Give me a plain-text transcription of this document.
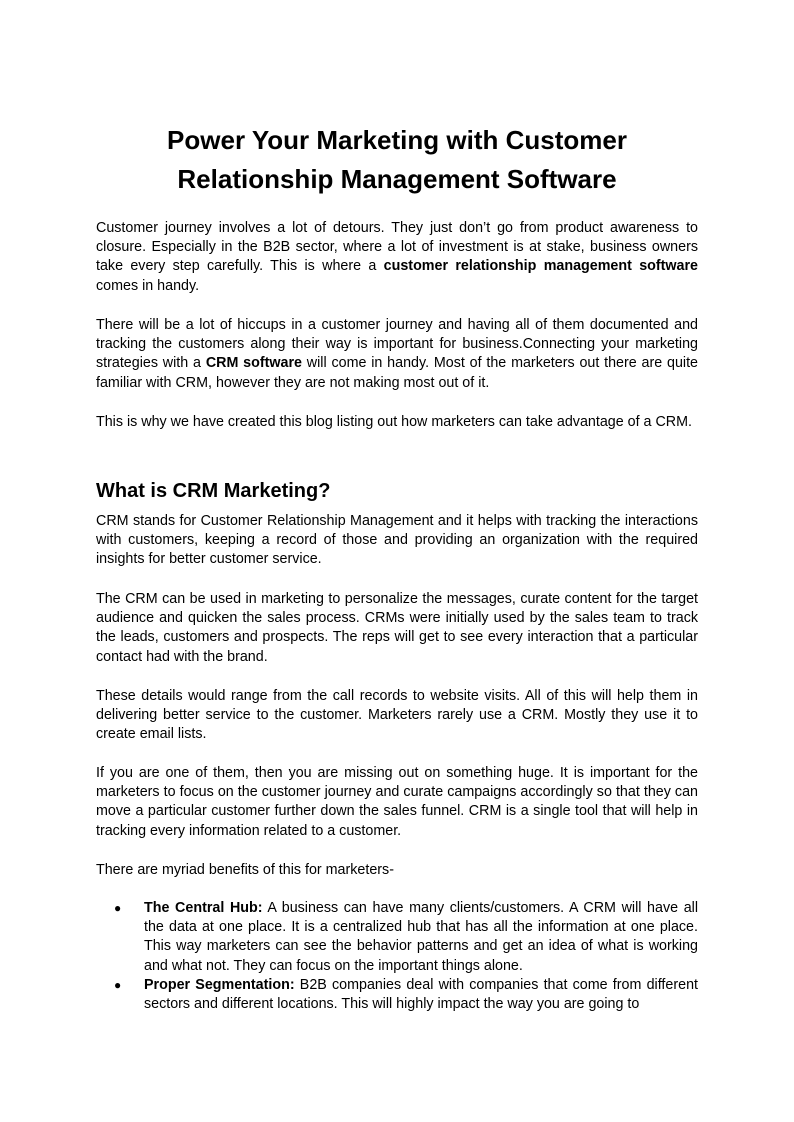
Power Your Marketing with Customer
Relationship Management Software

Customer journey involves a lot of detours. They just don’t go from product awareness to closure. Especially in the B2B sector, where a lot of investment is at stake, business owners take every step carefully. This is where a customer relationship management software comes in handy.

There will be a lot of hiccups in a customer journey and having all of them documented and tracking the customers along their way is important for business.Connecting your marketing strategies with a CRM software will come in handy. Most of the marketers out there are quite familiar with CRM, however they are not making most out of it.

This is why we have created this blog listing out how marketers can take advantage of a CRM.

What is CRM Marketing?

CRM stands for Customer Relationship Management and it helps with tracking the interactions with customers, keeping a record of those and providing an organization with the required insights for better customer service.

The CRM can be used in marketing to personalize the messages, curate content for the target audience and quicken the sales process. CRMs were initially used by the sales team to track the leads, customers and prospects. The reps will get to see every interaction that a particular contact had with the brand.

These details would range from the call records to website visits. All of this will help them in delivering better service to the customer. Marketers rarely use a CRM. Mostly they use it to create email lists.

If you are one of them, then you are missing out on something huge. It is important for the marketers to focus on the customer journey and curate campaigns accordingly so that they can move a particular customer further down the sales funnel. CRM is a single tool that will help in tracking every information related to a customer.

There are myriad benefits of this for marketers-

● The Central Hub: A business can have many clients/customers. A CRM will have all the data at one place. It is a centralized hub that has all the information at one place. This way marketers can see the behavior patterns and get an idea of what is working and what not. They can focus on the important things alone.
● Proper Segmentation: B2B companies deal with companies that come from different sectors and different locations. This will highly impact the way you are going to
